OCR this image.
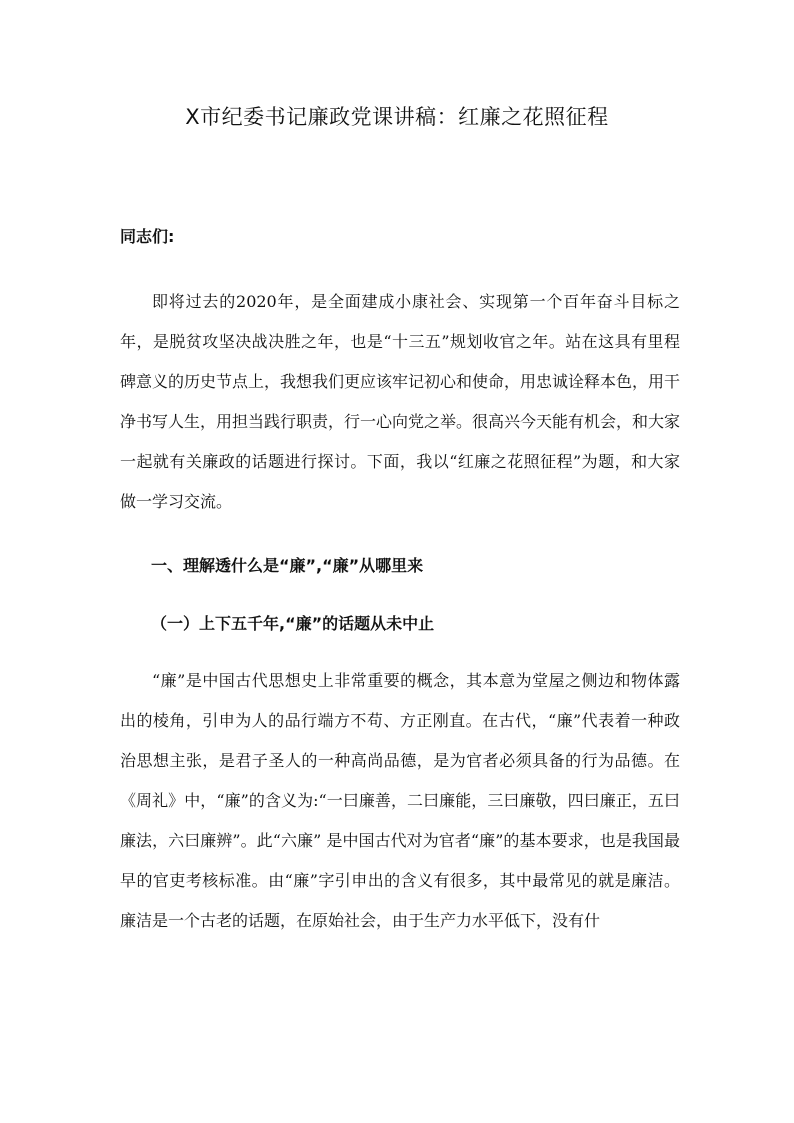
X市纪委书记廉政党课讲稿：红廉之花照征程
同志们:

即将过去的2020年，是全面建成小康社会、实现第一个百年奋斗目标之年，是脱贫攻坚决战决胜之年，也是“十三五”规划收官之年。站在这具有里程碑意义的历史节点上，我想我们更应该牢记初心和使命，用忠诚诠释本色，用干净书写人生，用担当践行职责，行一心向党之举。很高兴今天能有机会，和大家一起就有关廉政的话题进行探讨。下面，我以“红廉之花照征程”为题，和大家做一学习交流。

一、理解透什么是“廉”,“廉”从哪里来
（一）上下五千年,“廉”的话题从未中止

“廉”是中国古代思想史上非常重要的概念，其本意为堂屋之侧边和物体露出的棱角，引申为人的品行端方不苟、方正刚直。在古代，“廉”代表着一种政治思想主张，是君子圣人的一种高尚品德，是为官者必须具备的行为品德。在《周礼》中，“廉”的含义为:“一曰廉善，二曰廉能，三曰廉敬，四曰廉正，五曰廉法，六曰廉辨”。此“六廉” 是中国古代对为官者“廉”的基本要求，也是我国最早的官吏考核标准。由“廉”字引申出的含义有很多，其中最常见的就是廉洁。廉洁是一个古老的话题，在原始社会，由于生产力水平低下，没有什
